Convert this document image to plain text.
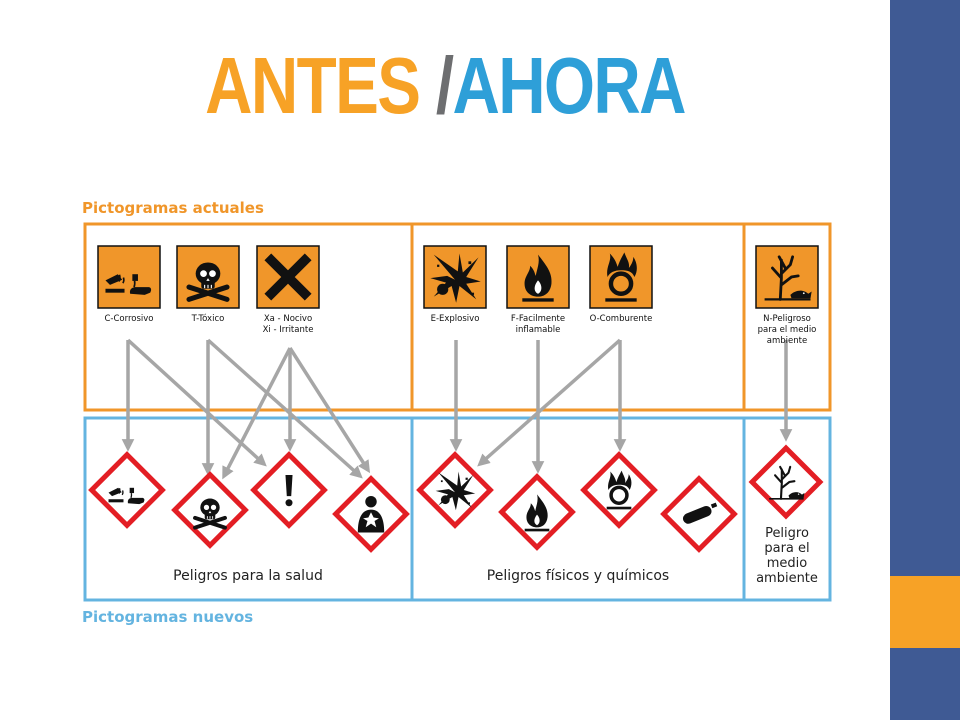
ANTES /AHORA
Pictogramas actuales
Pictogramas nuevos
C-Corrosivo	T-Tóxico	Xa - Nocivo
Xi - Irritante
E-Explosivo	F-Facilmente
inflamable
O-Comburente	N-Peligroso
para el medio
ambiente
Peligros para la salud	Peligros físicos y químicos
Peligro
para el
medio
ambiente
